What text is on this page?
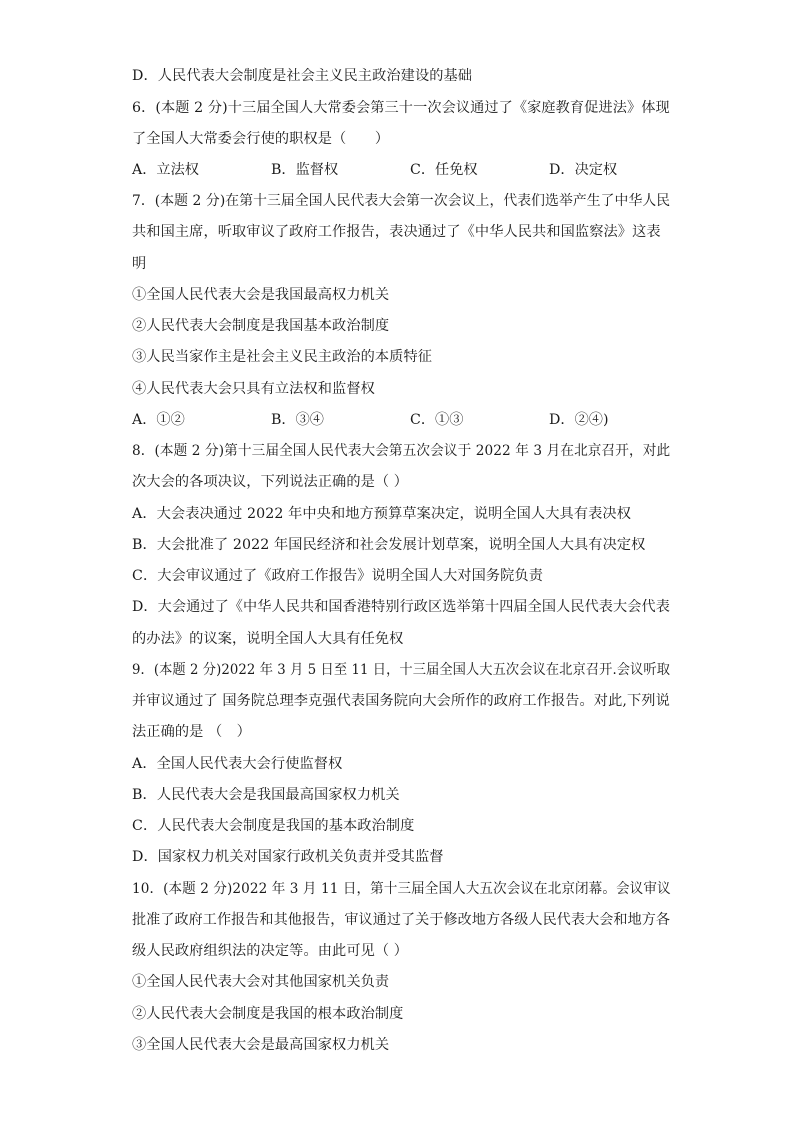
D．人民代表大会制度是社会主义民主政治建设的基础
6．(本题 2 分)十三届全国人大常委会第三十一次会议通过了《家庭教育促进法》体现
了全国人大常委会行使的职权是（　　）
A．立法权	B．监督权	C．任免权	D．决定权
7．(本题 2 分)在第十三届全国人民代表大会第一次会议上，代表们选举产生了中华人民
共和国主席，听取审议了政府工作报告，表决通过了《中华人民共和国监察法》这表
明
①全国人民代表大会是我国最高权力机关
②人民代表大会制度是我国基本政治制度
③人民当家作主是社会主义民主政治的本质特征
④人民代表大会只具有立法权和监督权
A．①②	B．③④	C．①③	D．②④)
8．(本题 2 分)第十三届全国人民代表大会第五次会议于 2022 年 3 月在北京召开，对此
次大会的各项决议，下列说法正确的是（ ）
A．大会表决通过 2022 年中央和地方预算草案决定，说明全国人大具有表决权
B．大会批准了 2022 年国民经济和社会发展计划草案，说明全国人大具有决定权
C．大会审议通过了《政府工作报告》说明全国人大对国务院负责
D．大会通过了《中华人民共和国香港特别行政区选举第十四届全国人民代表大会代表
的办法》的议案，说明全国人大具有任免权
9．(本题 2 分)2022 年 3 月 5 日至 11 日，十三届全国人大五次会议在北京召开.会议听取
并审议通过了 国务院总理李克强代表国务院向大会所作的政府工作报告。对此,下列说
法正确的是 （　）
A．全国人民代表大会行使监督权
B．人民代表大会是我国最高国家权力机关
C．人民代表大会制度是我国的基本政治制度
D．国家权力机关对国家行政机关负责并受其监督
10．(本题 2 分)2022 年 3 月 11 日，第十三届全国人大五次会议在北京闭幕。会议审议
批准了政府工作报告和其他报告，审议通过了关于修改地方各级人民代表大会和地方各
级人民政府组织法的决定等。由此可见（ ）
①全国人民代表大会对其他国家机关负责
②人民代表大会制度是我国的根本政治制度
③全国人民代表大会是最高国家权力机关
